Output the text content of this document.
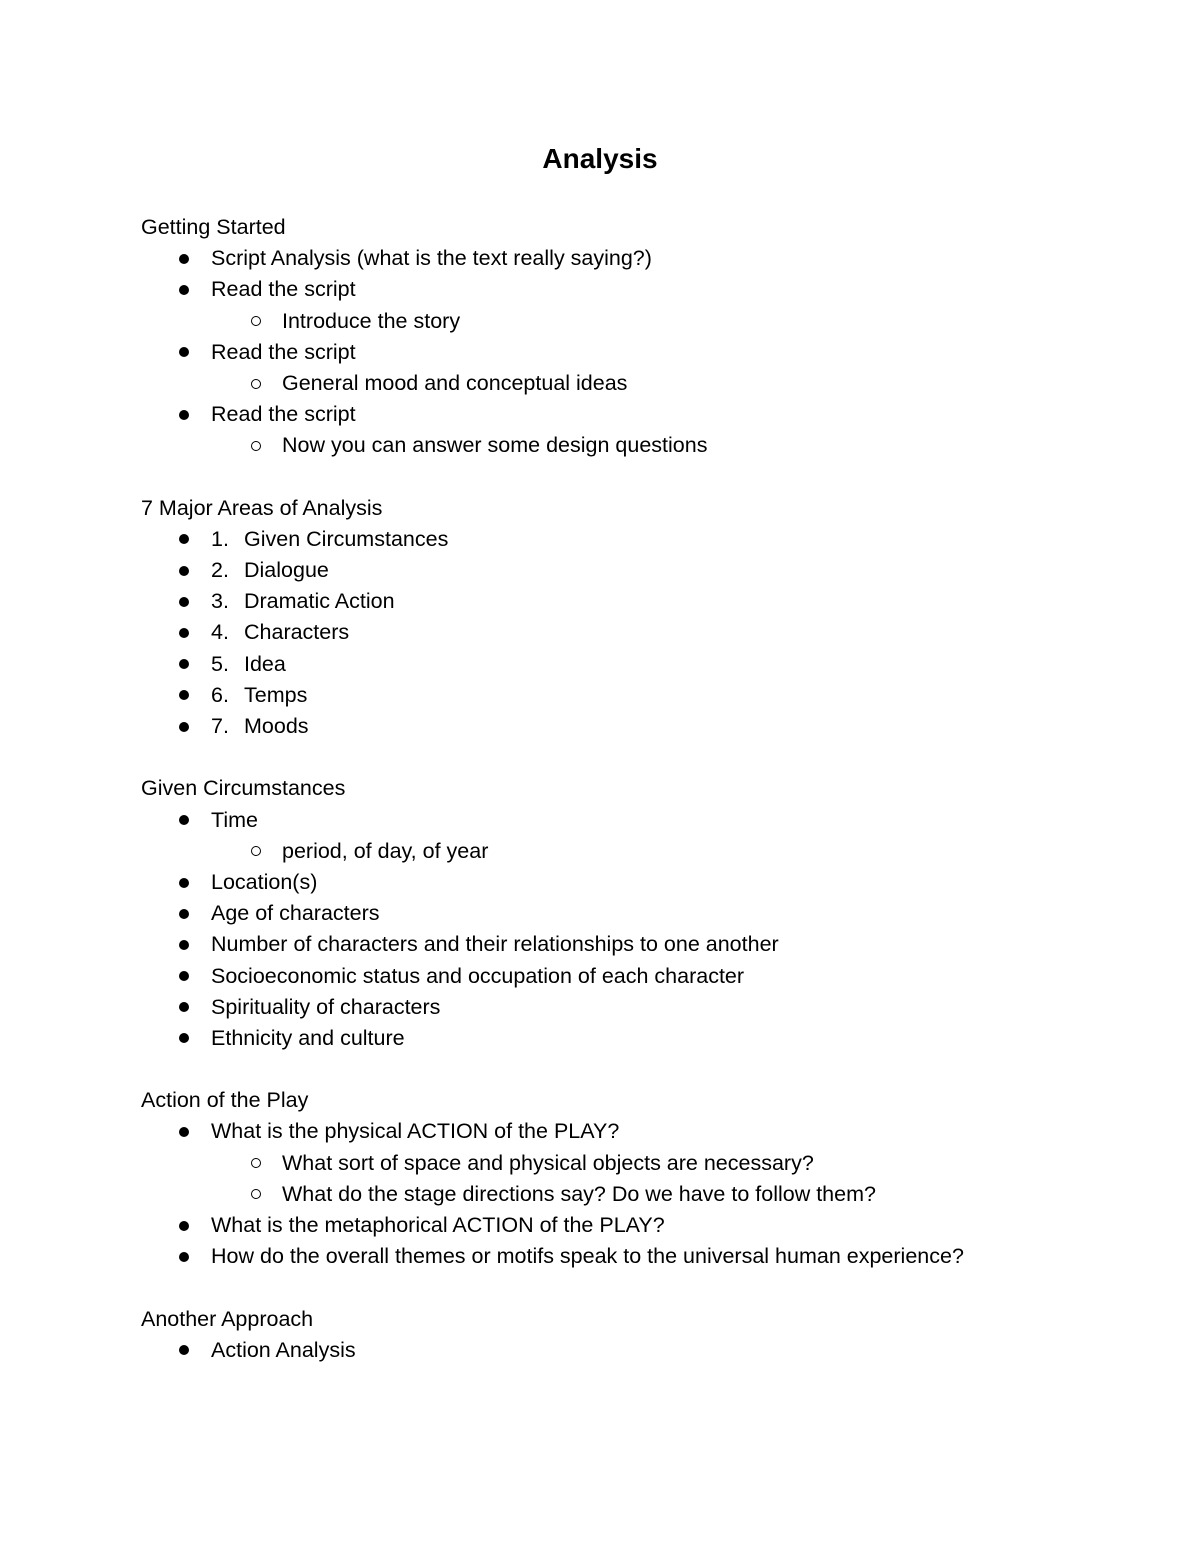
Analysis
Getting Started
Script Analysis (what is the text really saying?)
Read the script
Introduce the story
Read the script
General mood and conceptual ideas
Read the script
Now you can answer some design questions
7 Major Areas of Analysis
1. Given Circumstances
2. Dialogue
3. Dramatic Action
4. Characters
5. Idea
6. Temps
7. Moods
Given Circumstances
Time
period, of day, of year
Location(s)
Age of characters
Number of characters and their relationships to one another
Socioeconomic status and occupation of each character
Spirituality of characters
Ethnicity and culture
Action of the Play
What is the physical ACTION of the PLAY?
What sort of space and physical objects are necessary?
What do the stage directions say? Do we have to follow them?
What is the metaphorical ACTION of the PLAY?
How do the overall themes or motifs speak to the universal human experience?
Another Approach
Action Analysis
